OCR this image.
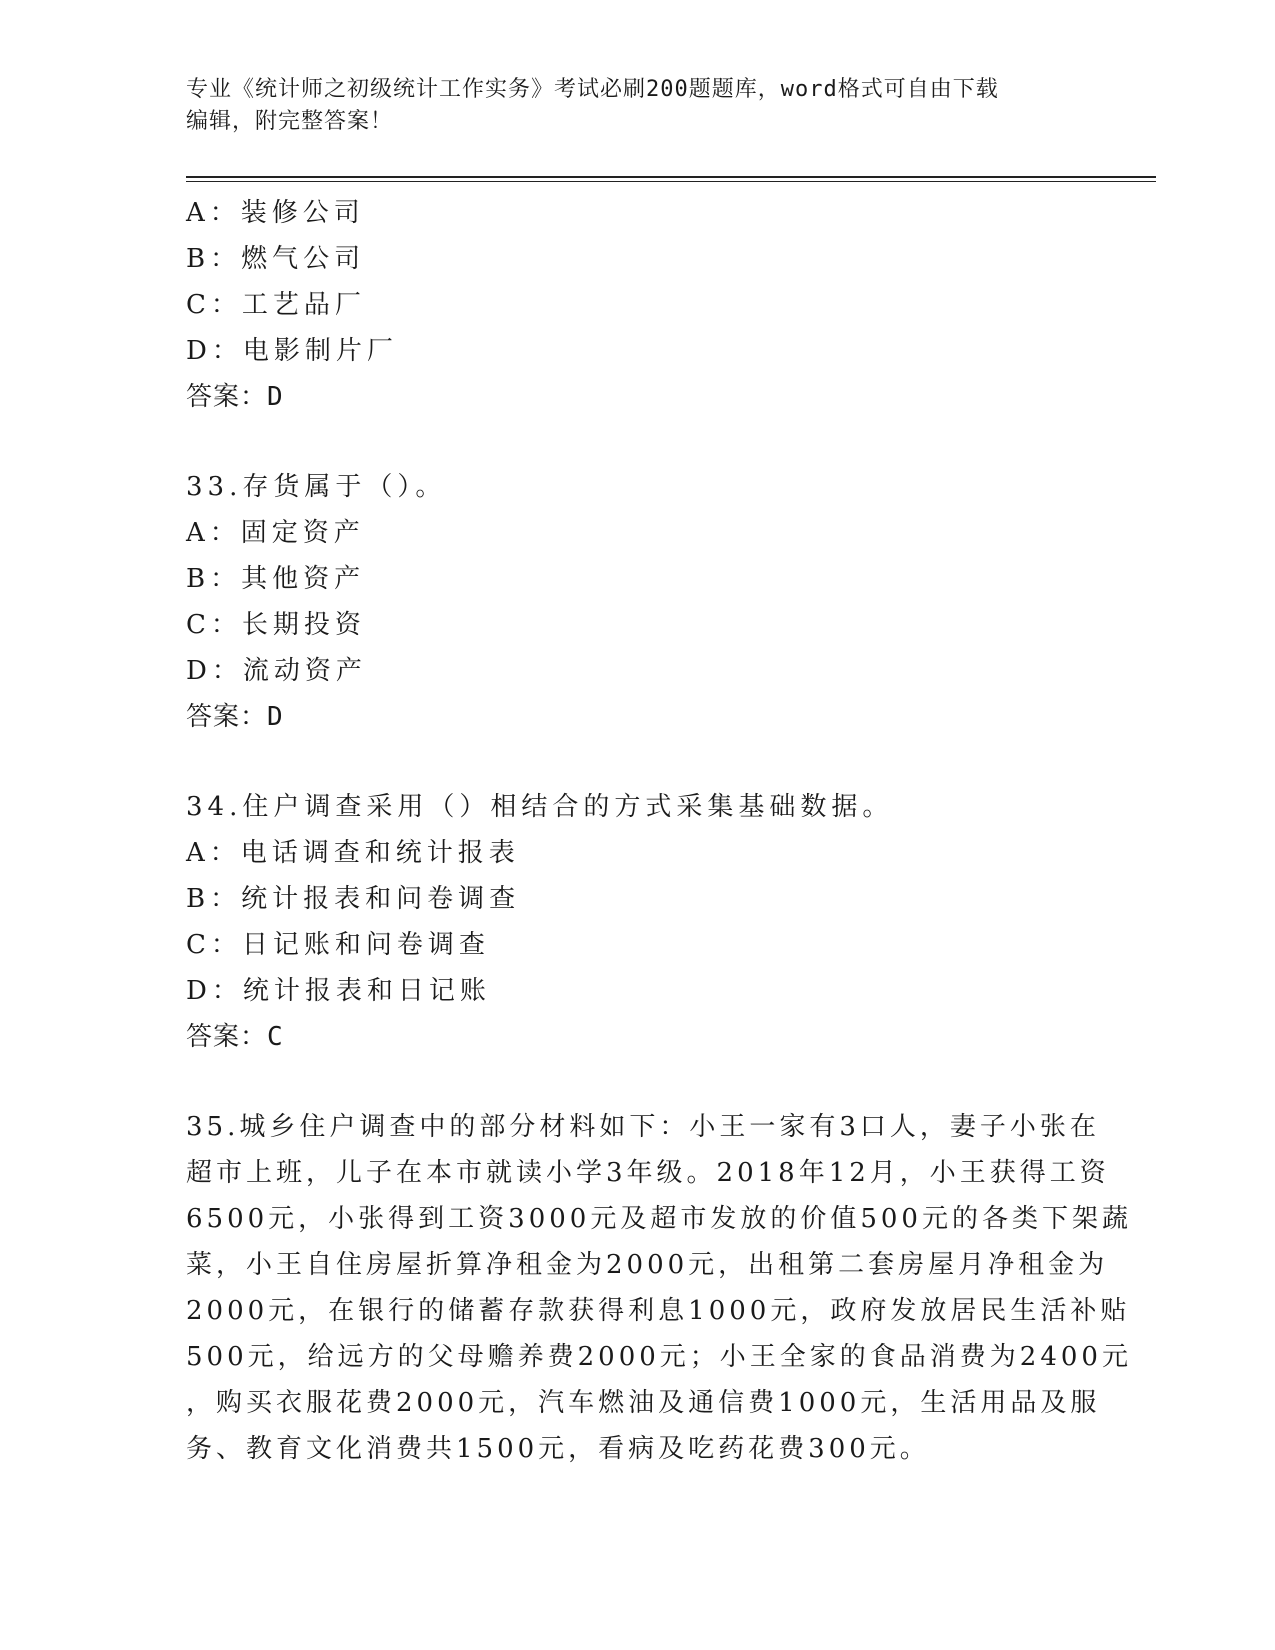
专业《统计师之初级统计工作实务》考试必刷200题题库，word格式可自由下载
编辑，附完整答案！
A：装修公司
B：燃气公司
C：工艺品厂
D：电影制片厂
答案：D
33.存货属于（）。
A：固定资产
B：其他资产
C：长期投资
D：流动资产
答案：D
34.住户调查采用（）相结合的方式采集基础数据。
A：电话调查和统计报表
B：统计报表和问卷调查
C：日记账和问卷调查
D：统计报表和日记账
答案：C
35.城乡住户调查中的部分材料如下：小王一家有3口人，妻子小张在
超市上班，儿子在本市就读小学3年级。2018年12月，小王获得工资
6500元，小张得到工资3000元及超市发放的价值500元的各类下架蔬
菜，小王自住房屋折算净租金为2000元，出租第二套房屋月净租金为
2000元，在银行的储蓄存款获得利息1000元，政府发放居民生活补贴
500元，给远方的父母赡养费2000元；小王全家的食品消费为2400元
，购买衣服花费2000元，汽车燃油及通信费1000元，生活用品及服
务、教育文化消费共1500元，看病及吃药花费300元。
